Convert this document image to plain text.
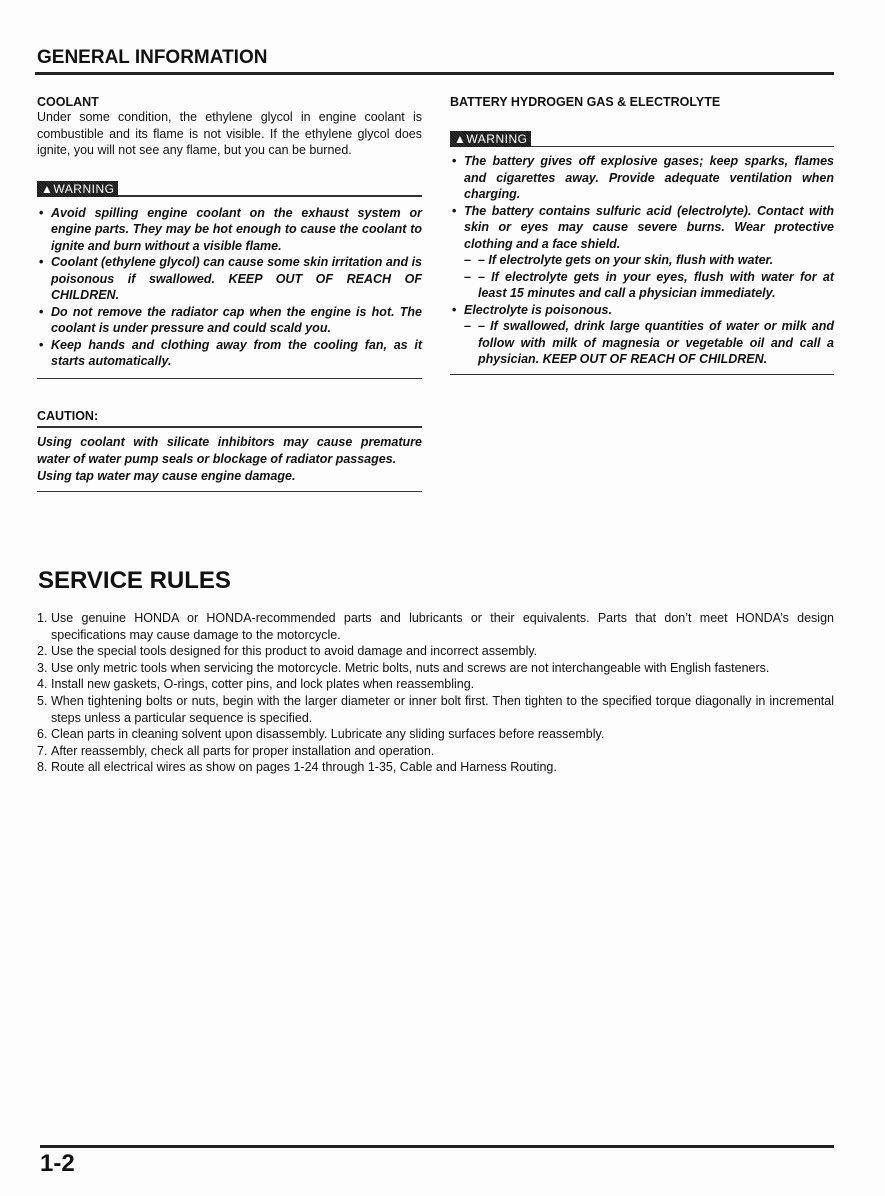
GENERAL INFORMATION
COOLANT
Under some condition, the ethylene glycol in engine coolant is combustible and its flame is not visible. If the ethylene glycol does ignite, you will not see any flame, but you can be burned.
▲WARNING
• Avoid spilling engine coolant on the exhaust system or engine parts. They may be hot enough to cause the coolant to ignite and burn without a visible flame.
• Coolant (ethylene glycol) can cause some skin irritation and is poisonous if swallowed. KEEP OUT OF REACH OF CHILDREN.
• Do not remove the radiator cap when the engine is hot. The coolant is under pressure and could scald you.
• Keep hands and clothing away from the cooling fan, as it starts automatically.
CAUTION:
Using coolant with silicate inhibitors may cause premature water of water pump seals or blockage of radiator passages.
Using tap water may cause engine damage.
BATTERY HYDROGEN GAS & ELECTROLYTE
▲WARNING
• The battery gives off explosive gases; keep sparks, flames and cigarettes away. Provide adequate ventilation when charging.
• The battery contains sulfuric acid (electrolyte). Contact with skin or eyes may cause severe burns. Wear protective clothing and a face shield.
– – If electrolyte gets on your skin, flush with water.
– – If electrolyte gets in your eyes, flush with water for at least 15 minutes and call a physician immediately.
• Electrolyte is poisonous.
– – If swallowed, drink large quantities of water or milk and follow with milk of magnesia or vegetable oil and call a physician. KEEP OUT OF REACH OF CHILDREN.
SERVICE RULES
1. Use genuine HONDA or HONDA-recommended parts and lubricants or their equivalents. Parts that don’t meet HONDA’s design specifications may cause damage to the motorcycle.
2. Use the special tools designed for this product to avoid damage and incorrect assembly.
3. Use only metric tools when servicing the motorcycle. Metric bolts, nuts and screws are not interchangeable with English fasteners.
4. Install new gaskets, O-rings, cotter pins, and lock plates when reassembling.
5. When tightening bolts or nuts, begin with the larger diameter or inner bolt first. Then tighten to the specified torque diagonally in incremental steps unless a particular sequence is specified.
6. Clean parts in cleaning solvent upon disassembly. Lubricate any sliding surfaces before reassembly.
7. After reassembly, check all parts for proper installation and operation.
8. Route all electrical wires as show on pages 1-24 through 1-35, Cable and Harness Routing.
1-2
